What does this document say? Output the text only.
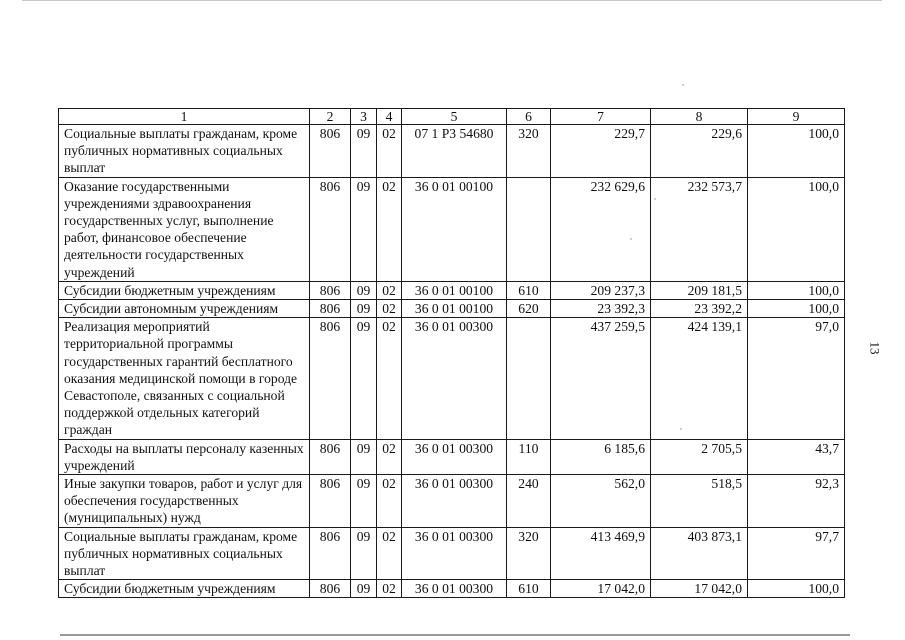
1	2	3	4	5	6	7	8	9
Социальные выплаты гражданам, кроме публичных нормативных социальных выплат	806	09	02	07 1 Р3 54680	320	229,7	229,6	100,0
Оказание государственными учреждениями здравоохранения государственных услуг, выполнение работ, финансовое обеспечение деятельности государственных учреждений	806	09	02	36 0 01 00100		232 629,6	232 573,7	100,0
Субсидии бюджетным учреждениям	806	09	02	36 0 01 00100	610	209 237,3	209 181,5	100,0
Субсидии автономным учреждениям	806	09	02	36 0 01 00100	620	23 392,3	23 392,2	100,0
Реализация мероприятий территориальной программы государственных гарантий бесплатного оказания медицинской помощи в городе Севастополе, связанных с социальной поддержкой отдельных категорий граждан	806	09	02	36 0 01 00300		437 259,5	424 139,1	97,0
Расходы на выплаты персоналу казенных учреждений	806	09	02	36 0 01 00300	110	6 185,6	2 705,5	43,7
Иные закупки товаров, работ и услуг для обеспечения государственных (муниципальных) нужд	806	09	02	36 0 01 00300	240	562,0	518,5	92,3
Социальные выплаты гражданам, кроме публичных нормативных социальных выплат	806	09	02	36 0 01 00300	320	413 469,9	403 873,1	97,7
Субсидии бюджетным учреждениям	806	09	02	36 0 01 00300	610	17 042,0	17 042,0	100,0
13
